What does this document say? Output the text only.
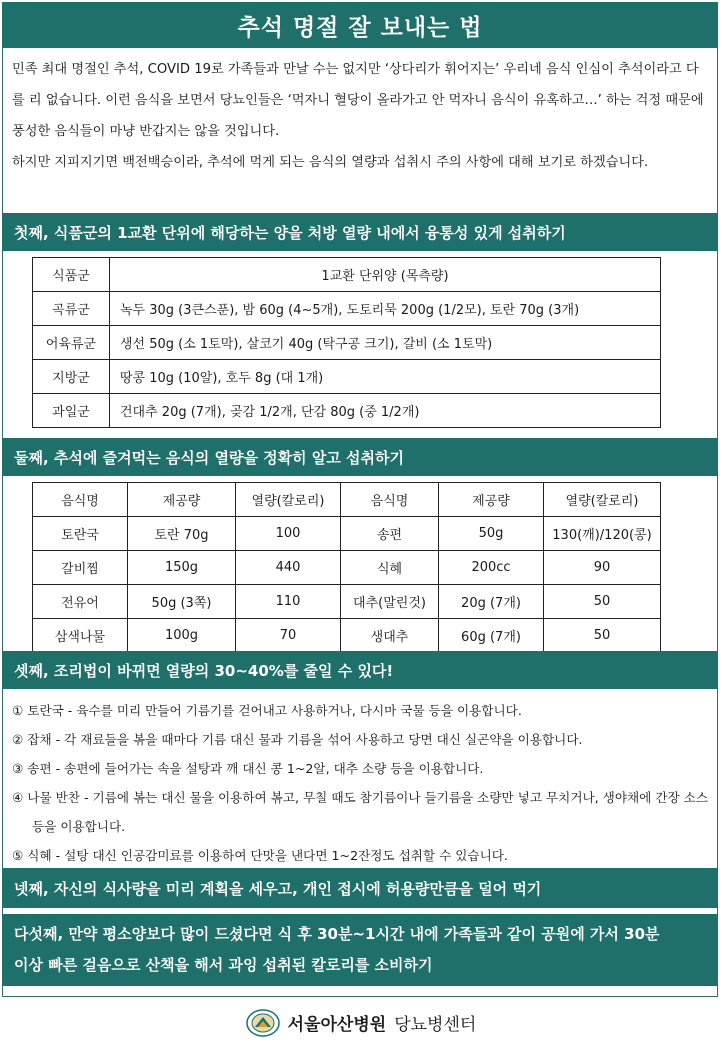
추석 명절 잘 보내는 법

민족 최대 명절인 추석, COVID 19로 가족들과 만날 수는 없지만 ‘상다리가 휘어지는’ 우리네 음식 인심이 추석이라고 다를 리 없습니다. 이런 음식을 보면서 당뇨인들은 ‘먹자니 혈당이 올라가고 안 먹자니 음식이 유혹하고…’ 하는 걱정 때문에 풍성한 음식들이 마냥 반갑지는 않을 것입니다.

하지만 지피지기면 백전백승이라, 추석에 먹게 되는 음식의 열량과 섭취시 주의 사항에 대해 보기로 하겠습니다.

첫째, 식품군의 1교환 단위에 해당하는 양을 처방 열량 내에서 융통성 있게 섭취하기
식품군	1교환 단위양 (목측량)
곡류군	녹두 30g (3큰스푼), 밤 60g (4~5개), 도토리묵 200g (1/2모), 토란 70g (3개)
어육류군	생선 50g (소 1토막), 살코기 40g (탁구공 크기), 갈비 (소 1토막)
지방군	땅콩 10g (10알), 호두 8g (대 1개)
과일군	건대추 20g (7개), 곶감 1/2개, 단감 80g (중 1/2개)
둘째, 추석에 즐겨먹는 음식의 열량을 정확히 알고 섭취하기
음식명	제공량	열량(칼로리)	음식명	제공량	열량(칼로리)
토란국	토란 70g	100	송편	50g	130(깨)/120(콩)
갈비찜	150g	440	식혜	200cc	90
전유어	50g (3쪽)	110	대추(말린것)	20g (7개)	50
삼색나물	100g	70	생대추	60g (7개)	50
셋째, 조리법이 바뀌면 열량의 30~40%를 줄일 수 있다!

① 토란국 - 육수를 미리 만들어 기름기를 걷어내고 사용하거나, 다시마 국물 등을 이용합니다.

② 잡채 - 각 재료들을 볶을 때마다 기름 대신 물과 기름을 섞어 사용하고 당면 대신 실곤약을 이용합니다.

③ 송편 - 송편에 들어가는 속을 설탕과 깨 대신 콩 1~2알, 대추 소량 등을 이용합니다.

④ 나물 반찬 - 기름에 볶는 대신 물을 이용하여 볶고, 무칠 때도 참기름이나 들기름을 소량만 넣고 무치거나, 생야채에 간장 소스 등을 이용합니다.

⑤ 식혜 - 설탕 대신 인공감미료를 이용하여 단맛을 낸다면 1~2잔정도 섭취할 수 있습니다.

넷째, 자신의 식사량을 미리 계획을 세우고, 개인 접시에 허용량만큼을 덜어 먹기
다섯째, 만약 평소양보다 많이 드셨다면 식 후 30분~1시간 내에 가족들과 같이 공원에 가서 30분
이상 빠른 걸음으로 산책을 해서 과잉 섭취된 칼로리를 소비하기
서울아산병원 당뇨병센터
